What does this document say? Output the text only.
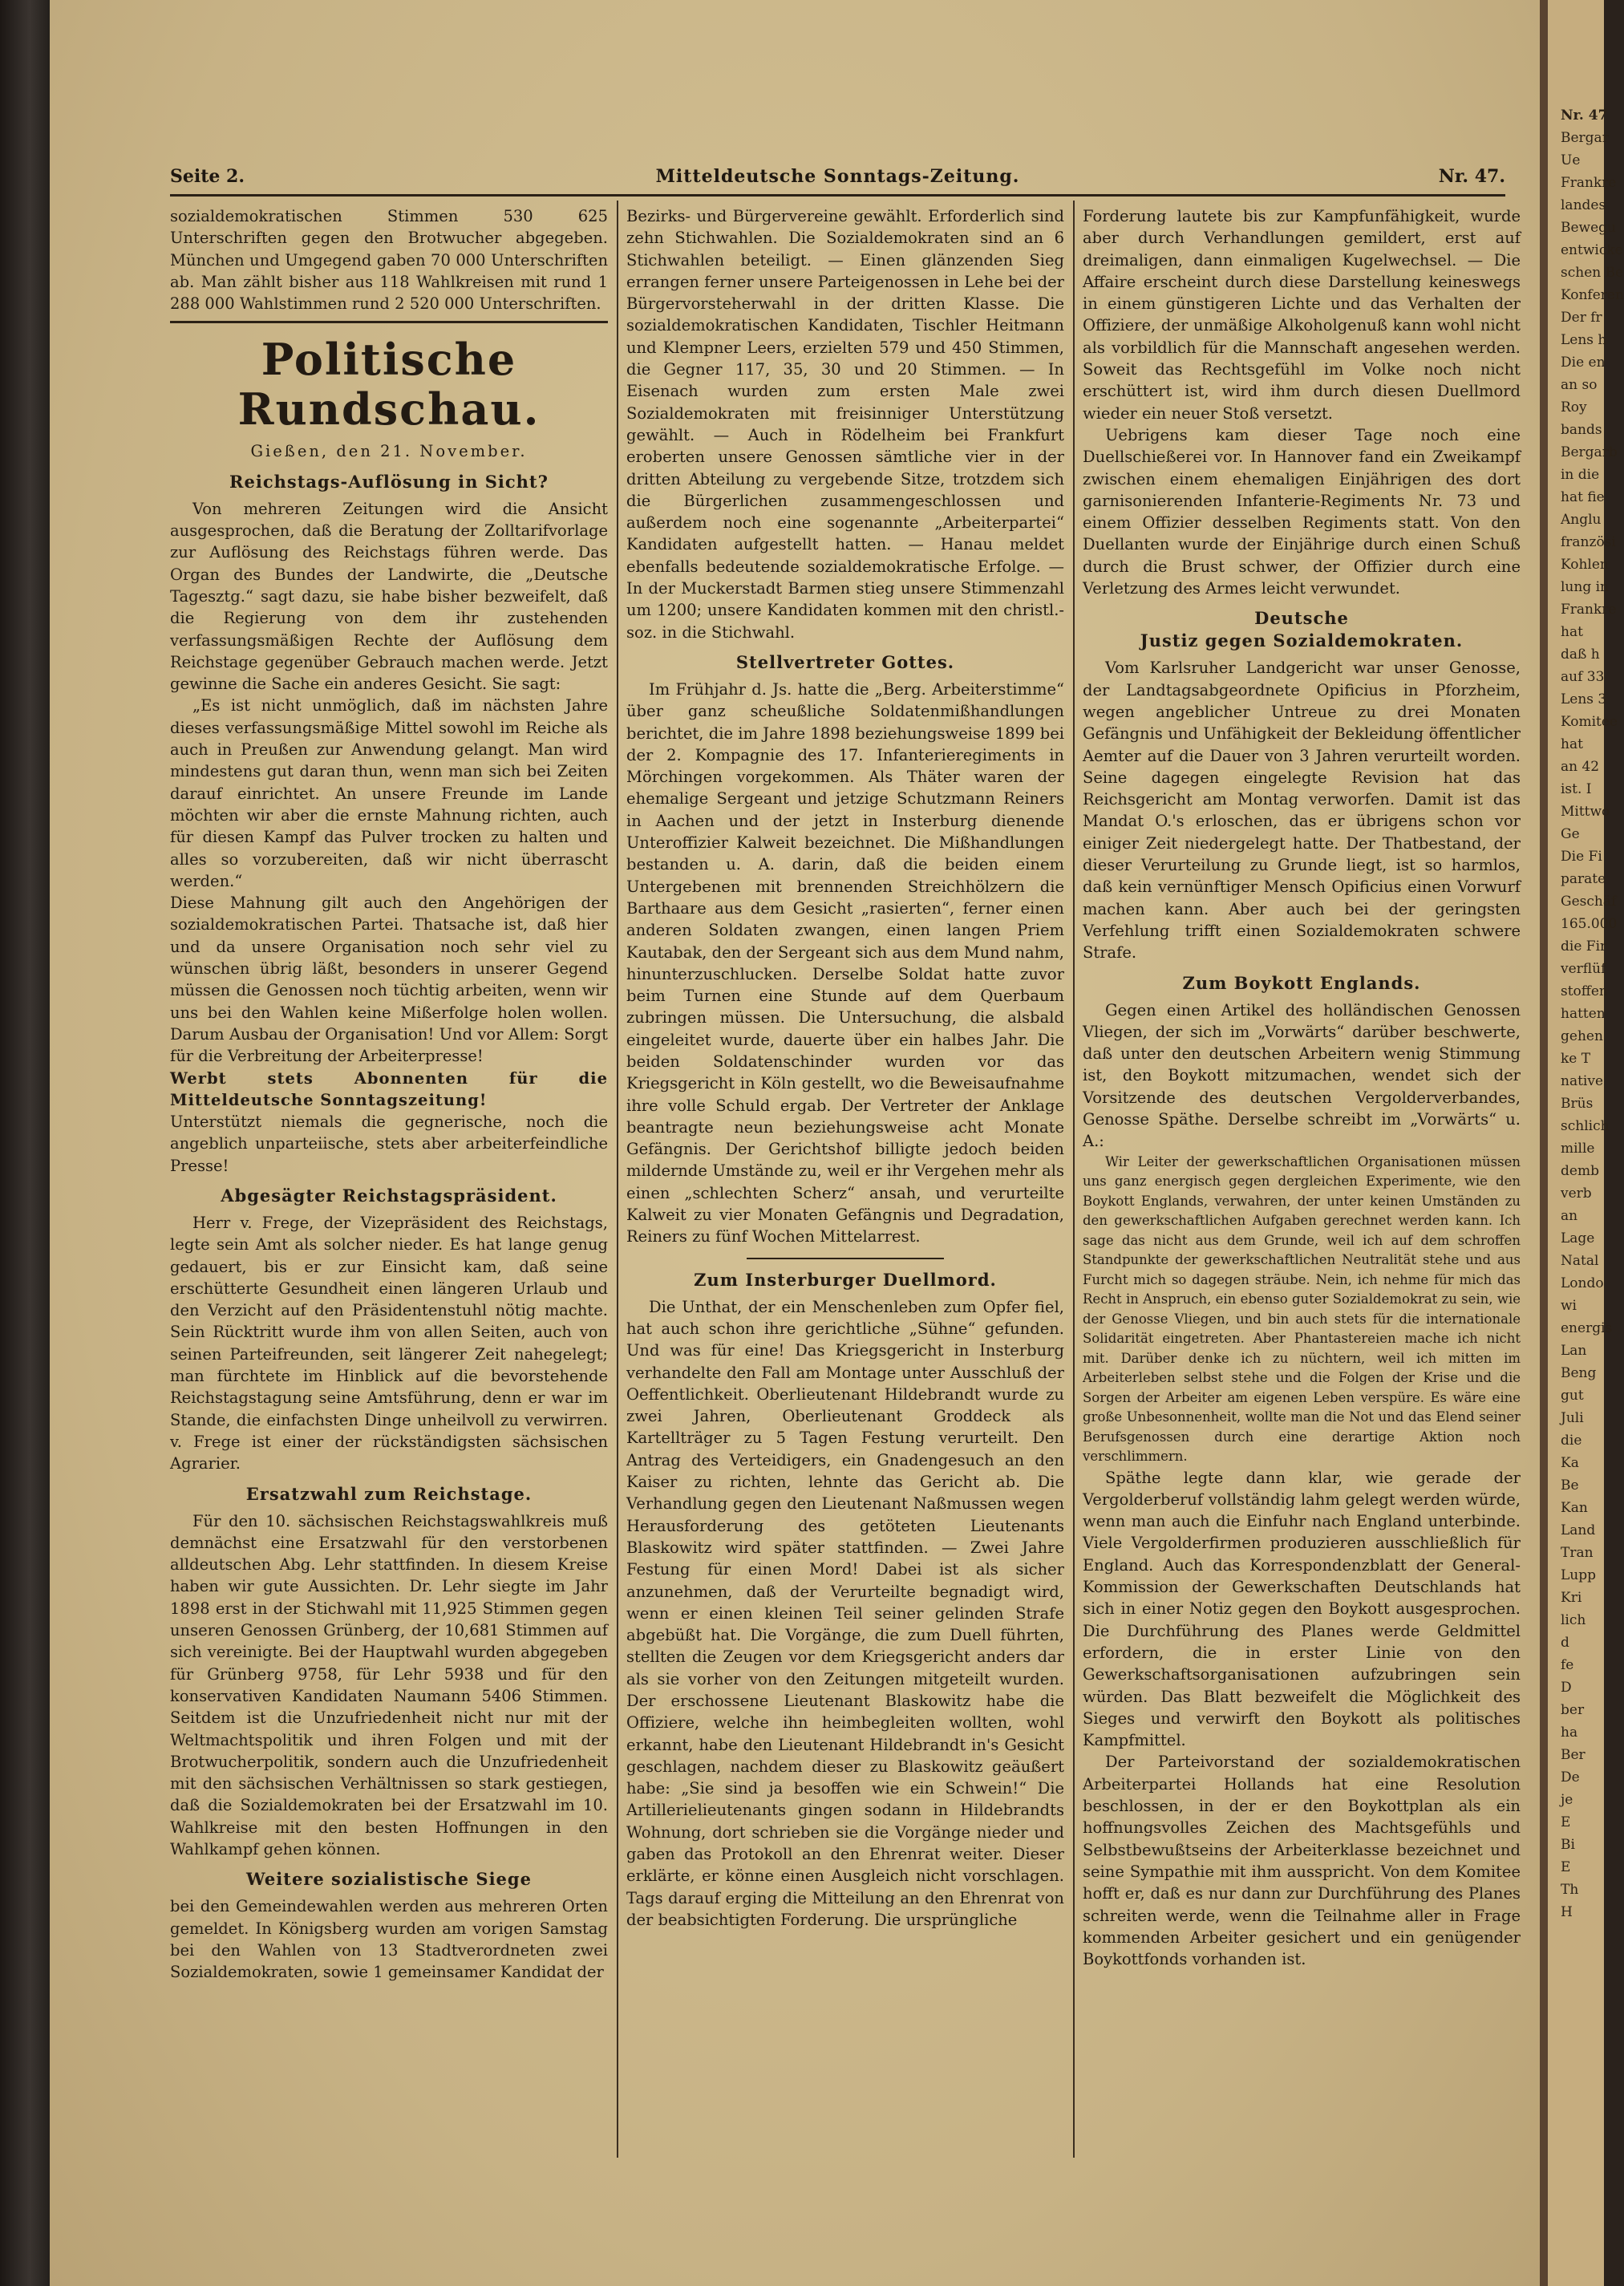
Seite 2.	Mitteldeutsche Sonntags-Zeitung.	Nr. 47.

sozialdemokratischen Stimmen 530 625 Unterschriften gegen den Brotwucher abgegeben. München und Umgegend gaben 70 000 Unterschriften ab. Man zählt bisher aus 118 Wahlkreisen mit rund 1 288 000 Wahlstimmen rund 2 520 000 Unterschriften.

Politische Rundschau.
Gießen, den 21. November.
Reichstags-Auflösung in Sicht?

Von mehreren Zeitungen wird die Ansicht ausgesprochen, daß die Beratung der Zolltarifvorlage zur Auflösung des Reichstags führen werde. Das Organ des Bundes der Landwirte, die „Deutsche Tagesztg.“ sagt dazu, sie habe bisher bezweifelt, daß die Regierung von dem ihr zustehenden verfassungsmäßigen Rechte der Auflösung dem Reichstage gegenüber Gebrauch machen werde. Jetzt gewinne die Sache ein anderes Gesicht. Sie sagt:

„Es ist nicht unmöglich, daß im nächsten Jahre dieses verfassungsmäßige Mittel sowohl im Reiche als auch in Preußen zur Anwendung gelangt. Man wird mindestens gut daran thun, wenn man sich bei Zeiten darauf einrichtet. An unsere Freunde im Lande möchten wir aber die ernste Mahnung richten, auch für diesen Kampf das Pulver trocken zu halten und alles so vorzubereiten, daß wir nicht überrascht werden.“

Diese Mahnung gilt auch den Angehörigen der sozialdemokratischen Partei. Thatsache ist, daß hier und da unsere Organisation noch sehr viel zu wünschen übrig läßt, besonders in unserer Gegend müssen die Genossen noch tüchtig arbeiten, wenn wir uns bei den Wahlen keine Mißerfolge holen wollen. Darum Ausbau der Organisation! Und vor Allem: Sorgt für die Verbreitung der Arbeiterpresse!

Werbt stets Abonnenten für die Mitteldeutsche Sonntagszeitung!

Unterstützt niemals die gegnerische, noch die angeblich unparteiische, stets aber arbeiterfeindliche Presse!

Abgesägter Reichstagspräsident.

Herr v. Frege, der Vizepräsident des Reichstags, legte sein Amt als solcher nieder. Es hat lange genug gedauert, bis er zur Einsicht kam, daß seine erschütterte Gesundheit einen längeren Urlaub und den Verzicht auf den Präsidentenstuhl nötig machte. Sein Rücktritt wurde ihm von allen Seiten, auch von seinen Parteifreunden, seit längerer Zeit nahegelegt; man fürchtete im Hinblick auf die bevorstehende Reichstagstagung seine Amtsführung, denn er war im Stande, die einfachsten Dinge unheilvoll zu verwirren. v. Frege ist einer der rückständigsten sächsischen Agrarier.

Ersatzwahl zum Reichstage.

Für den 10. sächsischen Reichstagswahlkreis muß demnächst eine Ersatzwahl für den verstorbenen alldeutschen Abg. Lehr stattfinden. In diesem Kreise haben wir gute Aussichten. Dr. Lehr siegte im Jahr 1898 erst in der Stichwahl mit 11,925 Stimmen gegen unseren Genossen Grünberg, der 10,681 Stimmen auf sich vereinigte. Bei der Hauptwahl wurden abgegeben für Grünberg 9758, für Lehr 5938 und für den konservativen Kandidaten Naumann 5406 Stimmen. Seitdem ist die Unzufriedenheit nicht nur mit der Weltmachtspolitik und ihren Folgen und mit der Brotwucherpolitik, sondern auch die Unzufriedenheit mit den sächsischen Verhältnissen so stark gestiegen, daß die Sozialdemokraten bei der Ersatzwahl im 10. Wahlkreise mit den besten Hoffnungen in den Wahlkampf gehen können.

Weitere sozialistische Siege

bei den Gemeindewahlen werden aus mehreren Orten gemeldet. In Königsberg wurden am vorigen Samstag bei den Wahlen von 13 Stadtverordneten zwei Sozialdemokraten, sowie 1 gemeinsamer Kandidat der

Bezirks- und Bürgervereine gewählt. Erforderlich sind zehn Stichwahlen. Die Sozialdemokraten sind an 6 Stichwahlen beteiligt. — Einen glänzenden Sieg errangen ferner unsere Parteigenossen in Lehe bei der Bürgervorsteherwahl in der dritten Klasse. Die sozialdemokratischen Kandidaten, Tischler Heitmann und Klempner Leers, erzielten 579 und 450 Stimmen, die Gegner 117, 35, 30 und 20 Stimmen. — In Eisenach wurden zum ersten Male zwei Sozialdemokraten mit freisinniger Unterstützung gewählt. — Auch in Rödelheim bei Frankfurt eroberten unsere Genossen sämtliche vier in der dritten Abteilung zu vergebende Sitze, trotzdem sich die Bürgerlichen zusammengeschlossen und außerdem noch eine sogenannte „Arbeiterpartei“ Kandidaten aufgestellt hatten. — Hanau meldet ebenfalls bedeutende sozialdemokratische Erfolge. — In der Muckerstadt Barmen stieg unsere Stimmenzahl um 1200; unsere Kandidaten kommen mit den christl.-soz. in die Stichwahl.

Stellvertreter Gottes.

Im Frühjahr d. Js. hatte die „Berg. Arbeiterstimme“ über ganz scheußliche Soldatenmißhandlungen berichtet, die im Jahre 1898 beziehungsweise 1899 bei der 2. Kompagnie des 17. Infanterieregiments in Mörchingen vorgekommen. Als Thäter waren der ehemalige Sergeant und jetzige Schutzmann Reiners in Aachen und der jetzt in Insterburg dienende Unteroffizier Kalweit bezeichnet. Die Mißhandlungen bestanden u. A. darin, daß die beiden einem Untergebenen mit brennenden Streichhölzern die Barthaare aus dem Gesicht „rasierten“, ferner einen anderen Soldaten zwangen, einen langen Priem Kautabak, den der Sergeant sich aus dem Mund nahm, hinunterzuschlucken. Derselbe Soldat hatte zuvor beim Turnen eine Stunde auf dem Querbaum zubringen müssen. Die Untersuchung, die alsbald eingeleitet wurde, dauerte über ein halbes Jahr. Die beiden Soldatenschinder wurden vor das Kriegsgericht in Köln gestellt, wo die Beweisaufnahme ihre volle Schuld ergab. Der Vertreter der Anklage beantragte neun beziehungsweise acht Monate Gefängnis. Der Gerichtshof billigte jedoch beiden mildernde Umstände zu, weil er ihr Vergehen mehr als einen „schlechten Scherz“ ansah, und verurteilte Kalweit zu vier Monaten Gefängnis und Degradation, Reiners zu fünf Wochen Mittelarrest.

Zum Insterburger Duellmord.

Die Unthat, der ein Menschenleben zum Opfer fiel, hat auch schon ihre gerichtliche „Sühne“ gefunden. Und was für eine! Das Kriegsgericht in Insterburg verhandelte den Fall am Montage unter Ausschluß der Oeffentlichkeit. Oberlieutenant Hildebrandt wurde zu zwei Jahren, Oberlieutenant Groddeck als Kartellträger zu 5 Tagen Festung verurteilt. Den Antrag des Verteidigers, ein Gnadengesuch an den Kaiser zu richten, lehnte das Gericht ab. Die Verhandlung gegen den Lieutenant Naßmussen wegen Herausforderung des getöteten Lieutenants Blaskowitz wird später stattfinden. — Zwei Jahre Festung für einen Mord! Dabei ist als sicher anzunehmen, daß der Verurteilte begnadigt wird, wenn er einen kleinen Teil seiner gelinden Strafe abgebüßt hat. Die Vorgänge, die zum Duell führten, stellten die Zeugen vor dem Kriegsgericht anders dar als sie vorher von den Zeitungen mitgeteilt wurden. Der erschossene Lieutenant Blaskowitz habe die Offiziere, welche ihn heimbegleiten wollten, wohl erkannt, habe den Lieutenant Hildebrandt in's Gesicht geschlagen, nachdem dieser zu Blaskowitz geäußert habe: „Sie sind ja besoffen wie ein Schwein!“ Die Artillerielieutenants gingen sodann in Hildebrandts Wohnung, dort schrieben sie die Vorgänge nieder und gaben das Protokoll an den Ehrenrat weiter. Dieser erklärte, er könne einen Ausgleich nicht vorschlagen. Tags darauf erging die Mitteilung an den Ehrenrat von der beabsichtigten Forderung. Die ursprüngliche

Forderung lautete bis zur Kampfunfähigkeit, wurde aber durch Verhandlungen gemildert, erst auf dreimaligen, dann einmaligen Kugelwechsel. — Die Affaire erscheint durch diese Darstellung keineswegs in einem günstigeren Lichte und das Verhalten der Offiziere, der unmäßige Alkoholgenuß kann wohl nicht als vorbildlich für die Mannschaft angesehen werden. Soweit das Rechtsgefühl im Volke noch nicht erschüttert ist, wird ihm durch diesen Duellmord wieder ein neuer Stoß versetzt.

Uebrigens kam dieser Tage noch eine Duellschießerei vor. In Hannover fand ein Zweikampf zwischen einem ehemaligen Einjährigen des dort garnisonierenden Infanterie-Regiments Nr. 73 und einem Offizier desselben Regiments statt. Von den Duellanten wurde der Einjährige durch einen Schuß durch die Brust schwer, der Offizier durch eine Verletzung des Armes leicht verwundet.

Deutsche
Justiz gegen Sozialdemokraten.

Vom Karlsruher Landgericht war unser Genosse, der Landtagsabgeordnete Opificius in Pforzheim, wegen angeblicher Untreue zu drei Monaten Gefängnis und Unfähigkeit der Bekleidung öffentlicher Aemter auf die Dauer von 3 Jahren verurteilt worden. Seine dagegen eingelegte Revision hat das Reichsgericht am Montag verworfen. Damit ist das Mandat O.'s erloschen, das er übrigens schon vor einiger Zeit niedergelegt hatte. Der Thatbestand, der dieser Verurteilung zu Grunde liegt, ist so harmlos, daß kein vernünftiger Mensch Opificius einen Vorwurf machen kann. Aber auch bei der geringsten Verfehlung trifft einen Sozialdemokraten schwere Strafe.

Zum Boykott Englands.

Gegen einen Artikel des holländischen Genossen Vliegen, der sich im „Vorwärts“ darüber beschwerte, daß unter den deutschen Arbeitern wenig Stimmung ist, den Boykott mitzumachen, wendet sich der Vorsitzende des deutschen Vergolderverbandes, Genosse Späthe. Derselbe schreibt im „Vorwärts“ u. A.:

Wir Leiter der gewerkschaftlichen Organisationen müssen uns ganz energisch gegen dergleichen Experimente, wie den Boykott Englands, verwahren, der unter keinen Umständen zu den gewerkschaftlichen Aufgaben gerechnet werden kann. Ich sage das nicht aus dem Grunde, weil ich auf dem schroffen Standpunkte der gewerkschaftlichen Neutralität stehe und aus Furcht mich so dagegen sträube. Nein, ich nehme für mich das Recht in Anspruch, ein ebenso guter Sozialdemokrat zu sein, wie der Genosse Vliegen, und bin auch stets für die internationale Solidarität eingetreten. Aber Phantastereien mache ich nicht mit. Darüber denke ich zu nüchtern, weil ich mitten im Arbeiterleben selbst stehe und die Folgen der Krise und die Sorgen der Arbeiter am eigenen Leben verspüre. Es wäre eine große Unbesonnenheit, wollte man die Not und das Elend seiner Berufsgenossen durch eine derartige Aktion noch verschlimmern.

Späthe legte dann klar, wie gerade der Vergolderberuf vollständig lahm gelegt werden würde, wenn man auch die Einfuhr nach England unterbinde. Viele Vergolderfirmen produzieren ausschließlich für England. Auch das Korrespondenzblatt der General-Kommission der Gewerkschaften Deutschlands hat sich in einer Notiz gegen den Boykott ausgesprochen. Die Durchführung des Planes werde Geldmittel erfordern, die in erster Linie von den Gewerkschaftsorganisationen aufzubringen sein würden. Das Blatt bezweifelt die Möglichkeit des Sieges und verwirft den Boykott als politisches Kampfmittel.

Der Parteivorstand der sozialdemokratischen Arbeiterpartei Hollands hat eine Resolution beschlossen, in der er den Boykottplan als ein hoffnungsvolles Zeichen des Machtsgefühls und Selbstbewußtseins der Arbeiterklasse bezeichnet und seine Sympathie mit ihm ausspricht. Von dem Komitee hofft er, daß es nur dann zur Durchführung des Planes schreiten werde, wenn die Teilnahme aller in Frage kommenden Arbeiter gesichert und ein genügender Boykottfonds vorhanden ist.

Nr. 47
Bergar
Ue
Frankre
landes
Bewegu
entwicke
schen Be
Konferen
Der fr
Lens h
Die en
an so
Roy
bands
Bergarb
in die
hat fie
Anglu
französi
Kohlen
lung in
Frankre
hat
daß h
auf 33
Lens 3
Komitee
hat
an 42
ist. I
Mittwo
Ge
Die Fi
parate
Geschäf
165.000
die Fir
verflüf
stoffen
hatten
gehen
ke T
native
Brüs
schlich
mille
demb
verb
an
Lage
Natal
Londo
wi
energis
Lan
Beng
gut
Juli
die
Ka
Be
Kan
Land
Tran
Lupp
Kri
lich
d
fe
D
ber
ha
Ber
De
je
E
Bi
E
Th
H
